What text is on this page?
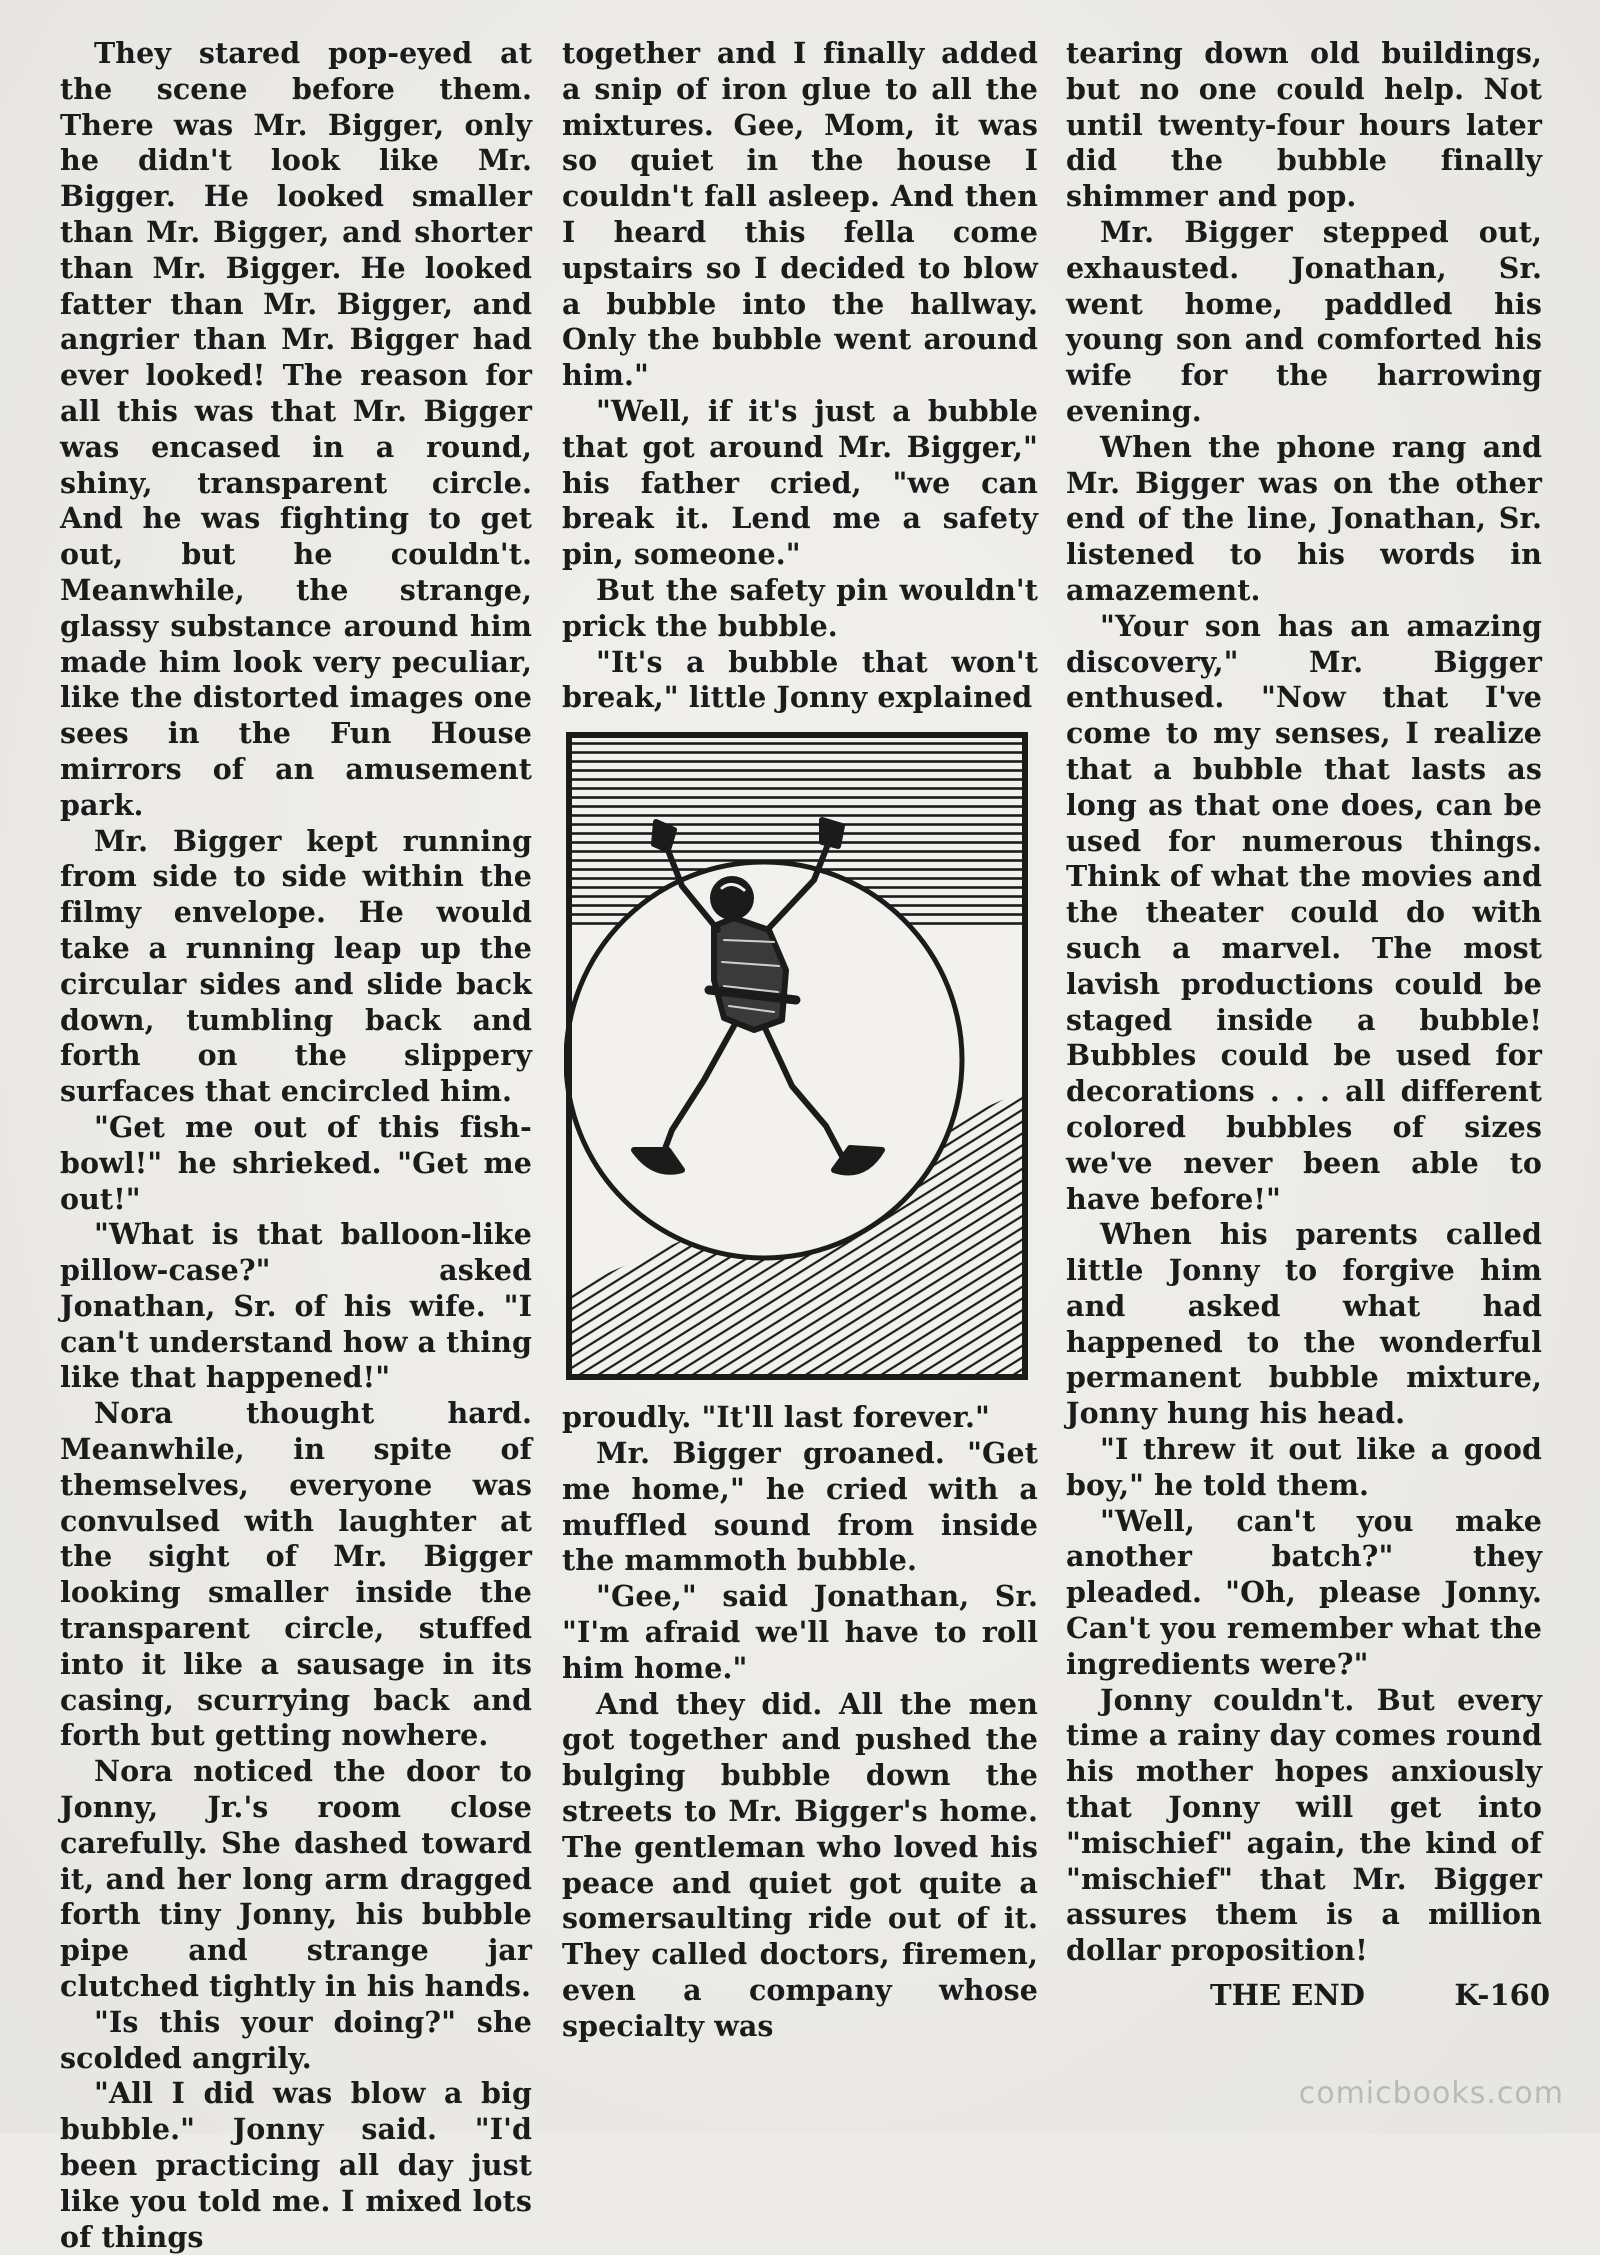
They stared pop-eyed at the scene before them. There was Mr. Bigger, only he didn't look like Mr. Bigger. He looked smaller than Mr. Bigger, and shorter than Mr. Bigger. He looked fatter than Mr. Bigger, and angrier than Mr. Bigger had ever looked! The reason for all this was that Mr. Bigger was encased in a round, shiny, transparent circle. And he was fighting to get out, but he couldn't. Meanwhile, the strange, glassy substance around him made him look very peculiar, like the distorted images one sees in the Fun House mirrors of an amusement park.

Mr. Bigger kept running from side to side within the filmy envelope. He would take a running leap up the circular sides and slide back down, tumbling back and forth on the slippery surfaces that encircled him.

"Get me out of this fish-bowl!" he shrieked. "Get me out!"

"What is that balloon-like pillow-case?" asked Jonathan, Sr. of his wife. "I can't understand how a thing like that happened!"

Nora thought hard. Meanwhile, in spite of themselves, everyone was convulsed with laughter at the sight of Mr. Bigger looking smaller inside the transparent circle, stuffed into it like a sausage in its casing, scurrying back and forth but getting nowhere.

Nora noticed the door to Jonny, Jr.'s room close carefully. She dashed toward it, and her long arm dragged forth tiny Jonny, his bubble pipe and strange jar clutched tightly in his hands.

"Is this your doing?" she scolded angrily.

"All I did was blow a big bubble." Jonny said. "I'd been practicing all day just like you told me. I mixed lots of things

together and I finally added a snip of iron glue to all the mixtures. Gee, Mom, it was so quiet in the house I couldn't fall asleep. And then I heard this fella come upstairs so I decided to blow a bubble into the hallway. Only the bubble went around him."

"Well, if it's just a bubble that got around Mr. Bigger," his father cried, "we can break it. Lend me a safety pin, someone."

But the safety pin wouldn't prick the bubble.

"It's a bubble that won't break," little Jonny explained

proudly. "It'll last forever."

Mr. Bigger groaned. "Get me home," he cried with a muffled sound from inside the mammoth bubble.

"Gee," said Jonathan, Sr. "I'm afraid we'll have to roll him home."

And they did. All the men got together and pushed the bulging bubble down the streets to Mr. Bigger's home. The gentleman who loved his peace and quiet got quite a somersaulting ride out of it. They called doctors, firemen, even a company whose specialty was

tearing down old buildings, but no one could help. Not until twenty-four hours later did the bubble finally shimmer and pop.

Mr. Bigger stepped out, exhausted. Jonathan, Sr. went home, paddled his young son and comforted his wife for the harrowing evening.

When the phone rang and Mr. Bigger was on the other end of the line, Jonathan, Sr. listened to his words in amazement.

"Your son has an amazing discovery," Mr. Bigger enthused. "Now that I've come to my senses, I realize that a bubble that lasts as long as that one does, can be used for numerous things. Think of what the movies and the theater could do with such a marvel. The most lavish productions could be staged inside a bubble! Bubbles could be used for decorations . . . all different colored bubbles of sizes we've never been able to have before!"

When his parents called little Jonny to forgive him and asked what had happened to the wonderful permanent bubble mixture, Jonny hung his head.

"I threw it out like a good boy," he told them.

"Well, can't you make another batch?" they pleaded. "Oh, please Jonny. Can't you remember what the ingredients were?"

Jonny couldn't. But every time a rainy day comes round his mother hopes anxiously that Jonny will get into "mischief" again, the kind of "mischief" that Mr. Bigger assures them is a million dollar proposition!

THE END	K-160
comicbooks.com
